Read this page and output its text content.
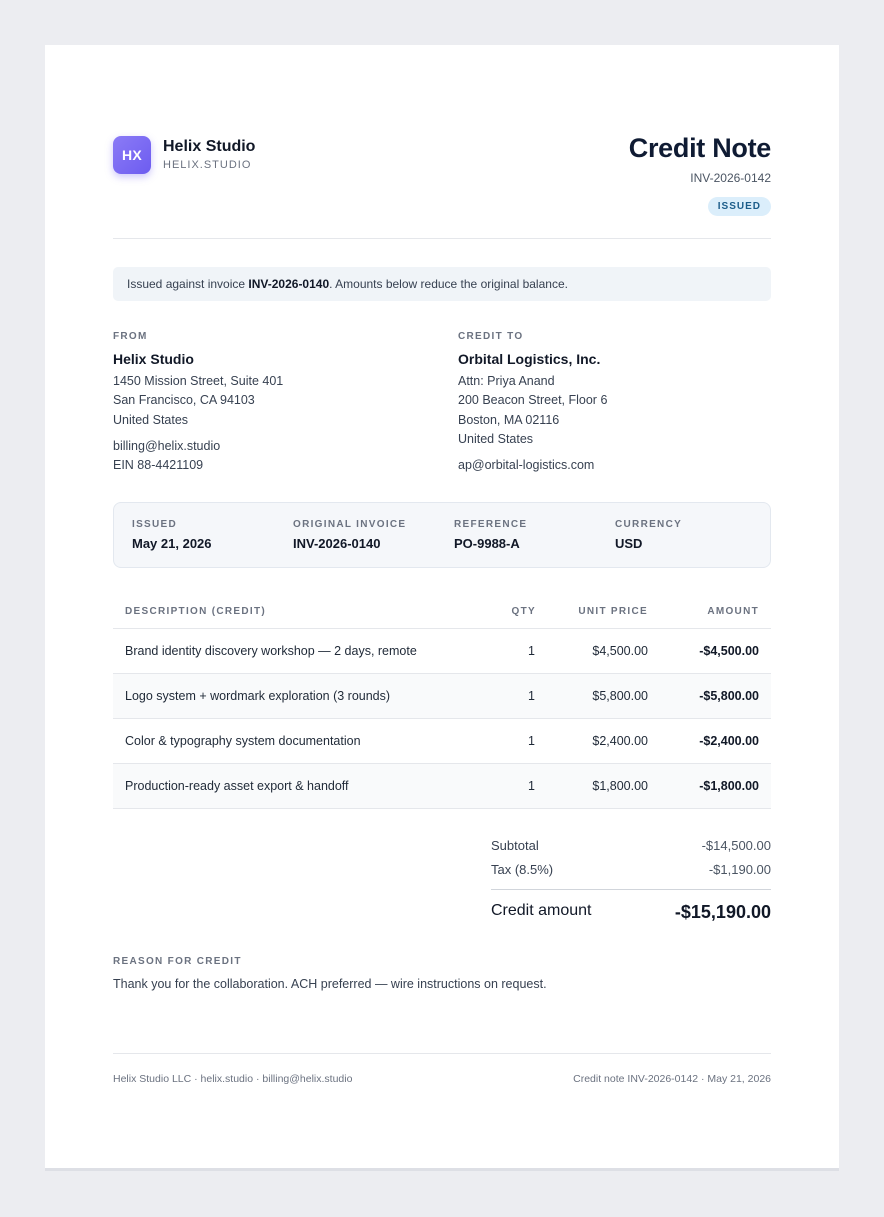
HX Helix Studio
HELIX.STUDIO
Credit Note
INV-2026-0142
ISSUED
Issued against invoice INV-2026-0140. Amounts below reduce the original balance.
FROM
Helix Studio
1450 Mission Street, Suite 401
San Francisco, CA 94103
United States
billing@helix.studio
EIN 88-4421109
CREDIT TO
Orbital Logistics, Inc.
Attn: Priya Anand
200 Beacon Street, Floor 6
Boston, MA 02116
United States
ap@orbital-logistics.com
ISSUED
May 21, 2026
ORIGINAL INVOICE
INV-2026-0140
REFERENCE
PO-9988-A
CURRENCY
USD
DESCRIPTION (CREDIT)	QTY	UNIT PRICE	AMOUNT
Brand identity discovery workshop — 2 days, remote	1	$4,500.00	-$4,500.00
Logo system + wordmark exploration (3 rounds)	1	$5,800.00	-$5,800.00
Color & typography system documentation	1	$2,400.00	-$2,400.00
Production-ready asset export & handoff	1	$1,800.00	-$1,800.00
Subtotal	-$14,500.00
Tax (8.5%)	-$1,190.00
Credit amount	-$15,190.00
REASON FOR CREDIT
Thank you for the collaboration. ACH preferred — wire instructions on request.
Helix Studio LLC · helix.studio · billing@helix.studio	Credit note INV-2026-0142 · May 21, 2026
